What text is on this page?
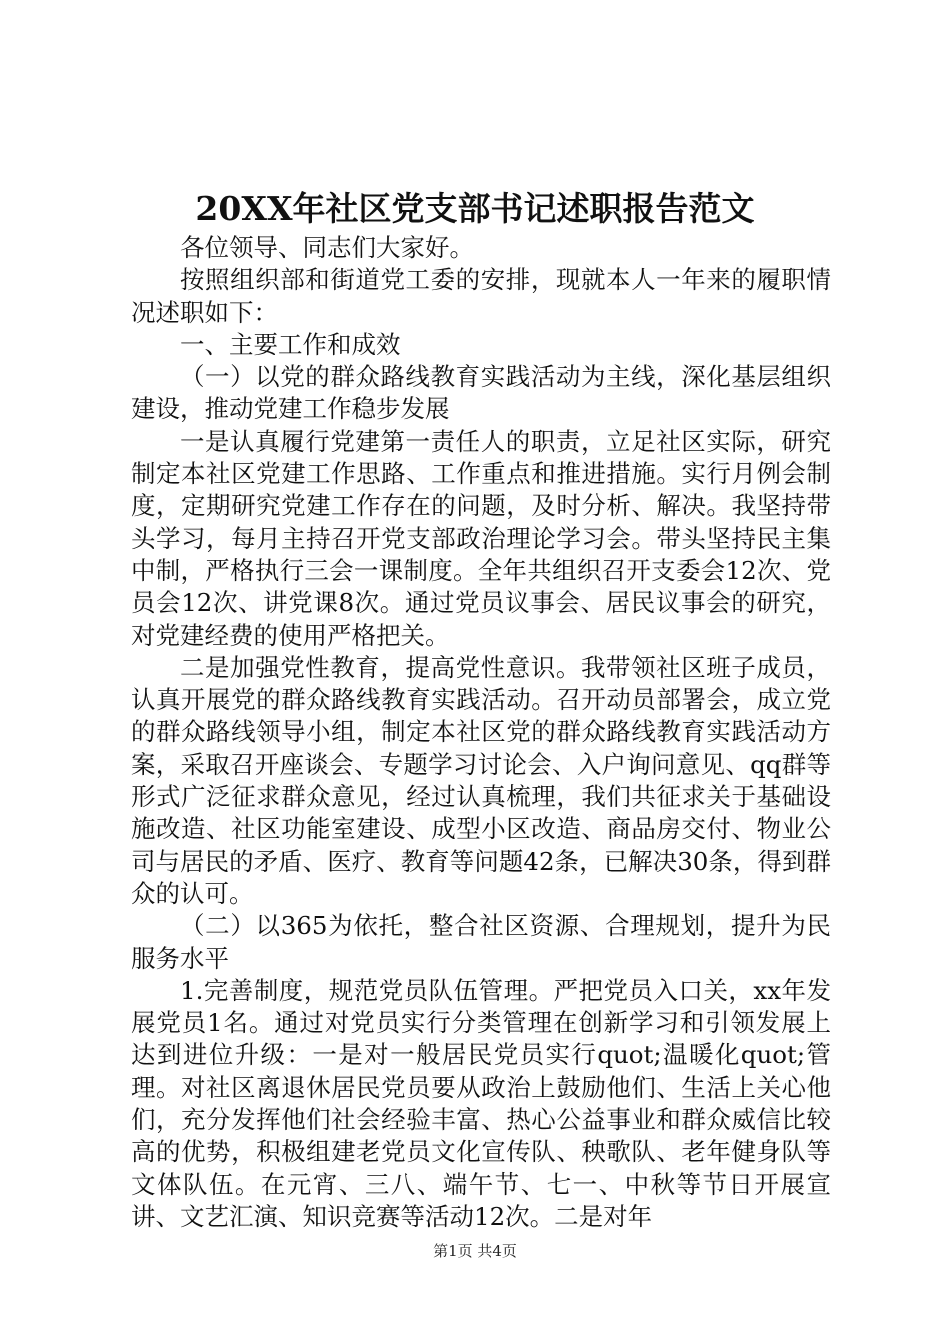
20XX年社区党支部书记述职报告范文

各位领导、同志们大家好。

按照组织部和街道党工委的安排，现就本人一年来的履职情况述职如下：

一、主要工作和成效

（一）以党的群众路线教育实践活动为主线，深化基层组织建设，推动党建工作稳步发展

一是认真履行党建第一责任人的职责，立足社区实际，研究制定本社区党建工作思路、工作重点和推进措施。实行月例会制度，定期研究党建工作存在的问题，及时分析、解决。我坚持带头学习，每月主持召开党支部政治理论学习会。带头坚持民主集中制，严格执行三会一课制度。全年共组织召开支委会12次、党员会12次、讲党课8次。通过党员议事会、居民议事会的研究，对党建经费的使用严格把关。

二是加强党性教育，提高党性意识。我带领社区班子成员，认真开展党的群众路线教育实践活动。召开动员部署会，成立党的群众路线领导小组，制定本社区党的群众路线教育实践活动方案，采取召开座谈会、专题学习讨论会、入户询问意见、qq群等形式广泛征求群众意见，经过认真梳理，我们共征求关于基础设施改造、社区功能室建设、成型小区改造、商品房交付、物业公司与居民的矛盾、医疗、教育等问题42条，已解决30条，得到群众的认可。

（二）以365为依托，整合社区资源、合理规划，提升为民服务水平

1.完善制度，规范党员队伍管理。严把党员入口关，xx年发展党员1名。通过对党员实行分类管理在创新学习和引领发展上达到进位升级：一是对一般居民党员实行quot;温暖化quot;管理。对社区离退休居民党员要从政治上鼓励他们、生活上关心他们，充分发挥他们社会经验丰富、热心公益事业和群众威信比较高的优势，积极组建老党员文化宣传队、秧歌队、老年健身队等文体队伍。在元宵、三八、端午节、七一、中秋等节日开展宣讲、文艺汇演、知识竞赛等活动12次。二是对年

第1页 共4页
